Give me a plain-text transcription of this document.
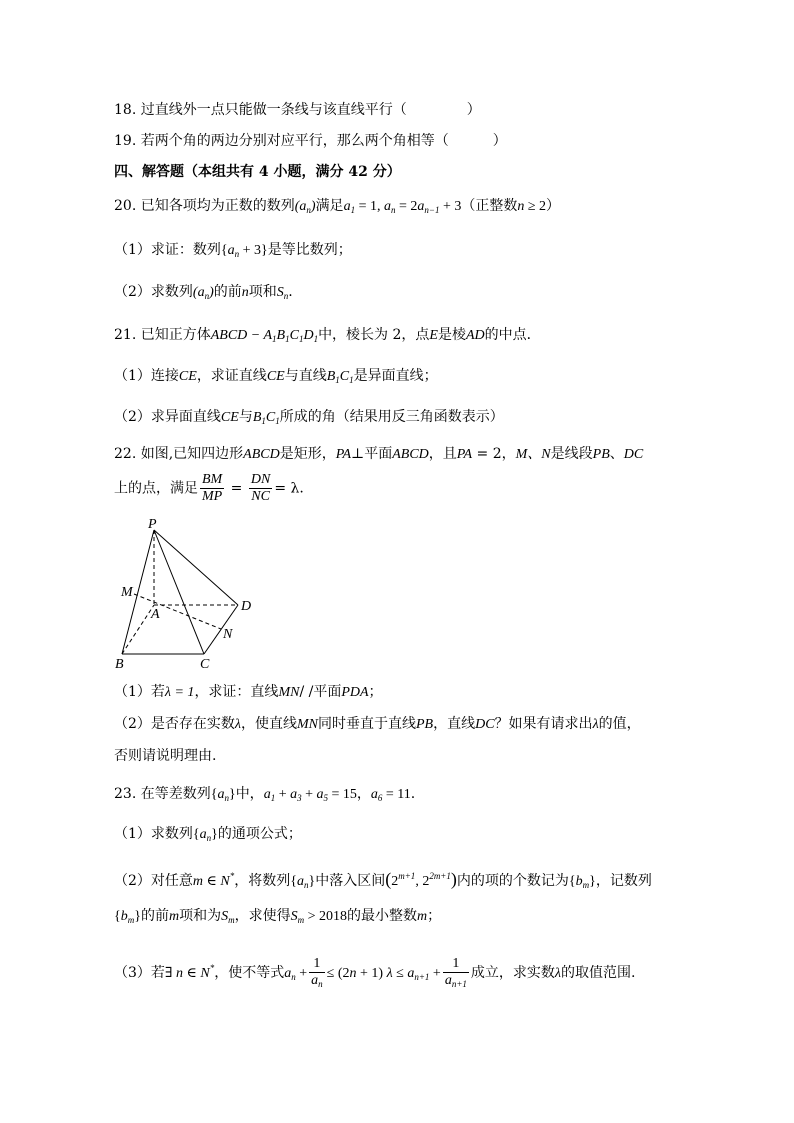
18. 过直线外一点只能做一条线与该直线平行（	）
19. 若两个角的两边分别对应平行，那么两个角相等（	）
四、解答题（本组共有 4 小题，满分 42 分）
20. 已知各项均为正数的数列$(a_n)$满足$a_1 = 1$, $a_n = 2a_{n-1} + 3$（正整数n ≥ 2）
（1）求证：数列$\{a_n + 3\}$是等比数列；
（2）求数列$(a_n)$的前n项和$S_n$.
21. 已知正方体ABCD − $A_1B_1C_1D_1$中，棱长为 2，点E是棱AD的中点．
（1）连接CE，求证直线CE与直线$B_1C_1$是异面直线；
（2）求异面直线CE与$B_1C_1$所成的角（结果用反三角函数表示）
22. 如图,已知四边形ABCD是矩形，PA⊥平面ABCD，且PA = 2，M、N是线段PB、DC
上的点，满足 $\frac{BM}{MP} = \frac{DN}{NC} = \lambda$.
P
M
A
D
N
B	C
（1）若λ = 1，求证：直线MN/ /平面PDA；
（2）是否存在实数λ，使直线MN同时垂直于直线PB，直线DC？如果有请求出λ的值，
否则请说明理由.
23. 在等差数列$\{a_n\}$中，$a_1 + a_3 + a_5 = 15$，$a_6 = 11$.
（1）求数列$\{a_n\}$的通项公式；
（2）对任意m ∈ N*，将数列$\{a_n\}$中落入区间($2^{m+1}$, $2^{2m+1}$)内的项的个数记为$\{b_m\}$，记数列
$\{b_m\}$的前m项和为$S_m$，求使得$S_m > 2018$的最小整数m；
（3）若∃ n ∈ N*，使不等式$a_n + \frac{1}{a_n} \le (2n + 1) \lambda \le a_{n+1} + \frac{1}{a_{n+1}}$ 成立，求实数λ的取值范围.
